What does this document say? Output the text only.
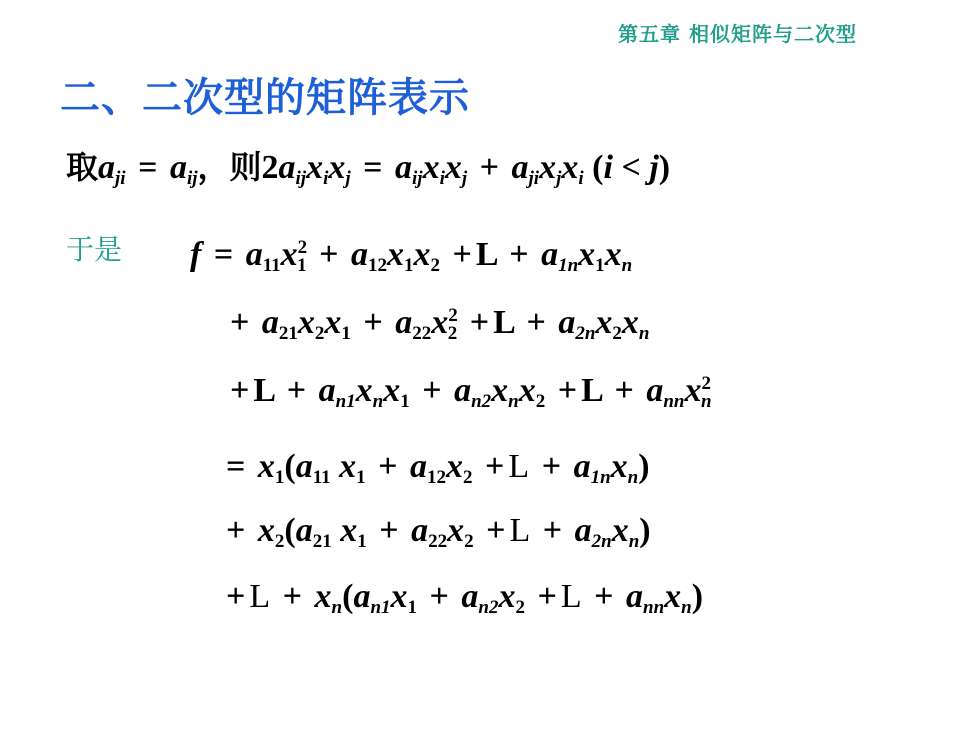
第五章 相似矩阵与二次型
二、二次型的矩阵表示
取$a_{ji} = a_{ij}$，则$2a_{ij}x_ix_j = a_{ij}x_ix_j + a_{ji}x_jx_i$ (i < j)
于是 $f = a_{11}x^2_1 + a_{12}x_1x_2 + L + a_{1n}x_1x_n$
+ $a_{21}x_2x_1 + a_{22}x^2_2 + L + a_{2n}x_2x_n$
+ $L + a_{n1}x_nx_1 + a_{n2}x_nx_2 + L + a_{nn}x^2_n$
= $x_1(a_{11}$ $x_1 + a_{12}x_2 + L + a_{1n}x_n$)
+ $x_2(a_{21}$ $x_1 + a_{22}x_2 + L + a_{2n}x_n$)
+ $L + x_n(a_{n1}x_1 + a_{n2}x_2 + L + a_{nn}x_n)$
